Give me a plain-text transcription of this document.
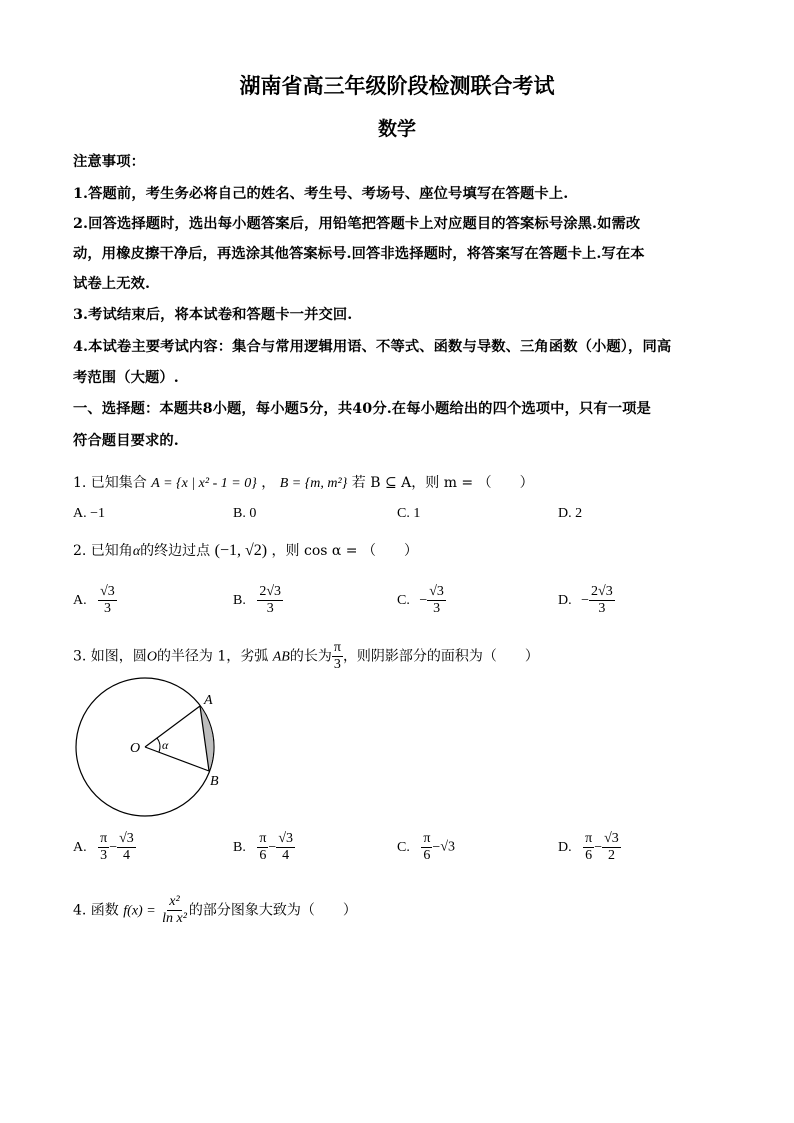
湖南省高三年级阶段检测联合考试
数学
注意事项：
1.答题前，考生务必将自己的姓名、考生号、考场号、座位号填写在答题卡上.
2.回答选择题时，选出每小题答案后，用铅笔把答题卡上对应题目的答案标号涂黑.如需改
动，用橡皮擦干净后，再选涂其他答案标号.回答非选择题时，将答案写在答题卡上.写在本
试卷上无效.
3.考试结束后，将本试卷和答题卡一并交回.
4.本试卷主要考试内容：集合与常用逻辑用语、不等式、函数与导数、三角函数（小题），同高
考范围（大题）.
一、选择题：本题共8小题，每小题5分，共40分.在每小题给出的四个选项中，只有一项是
符合题目要求的.
1. 已知集合 A = {x | x² - 1 = 0} ， B = {m, m²} 若 B ⊆ A，则 m = （　　）
A. −1	B. 0	C. 1	D. 2
2. 已知角α的终边过点 (−1, √2) ，则 cos α = （　　）
A. $\frac{√3}{3}$	B. $\frac{2√3}{3}$	C. − $\frac{√3}{3}$	D. − $\frac{2√3}{3}$
3. 如图，圆O的半径为 1，劣弧 AB的长为 $\frac{\pi}{3}$ ，则阴影部分的面积为（　　）
O α
A
B
A. $\frac{\pi}{3} - \frac{√3}{4}$	B. $\frac{\pi}{6} - \frac{√3}{4}$	C. $\frac{\pi}{6} -√3$	D. $\frac{\pi}{6} - \frac{√3}{2}$
4. 函数 $f(x) = \frac{\text{x²}}{\text{ln x²}}$ 的部分图象大致为（　　）
